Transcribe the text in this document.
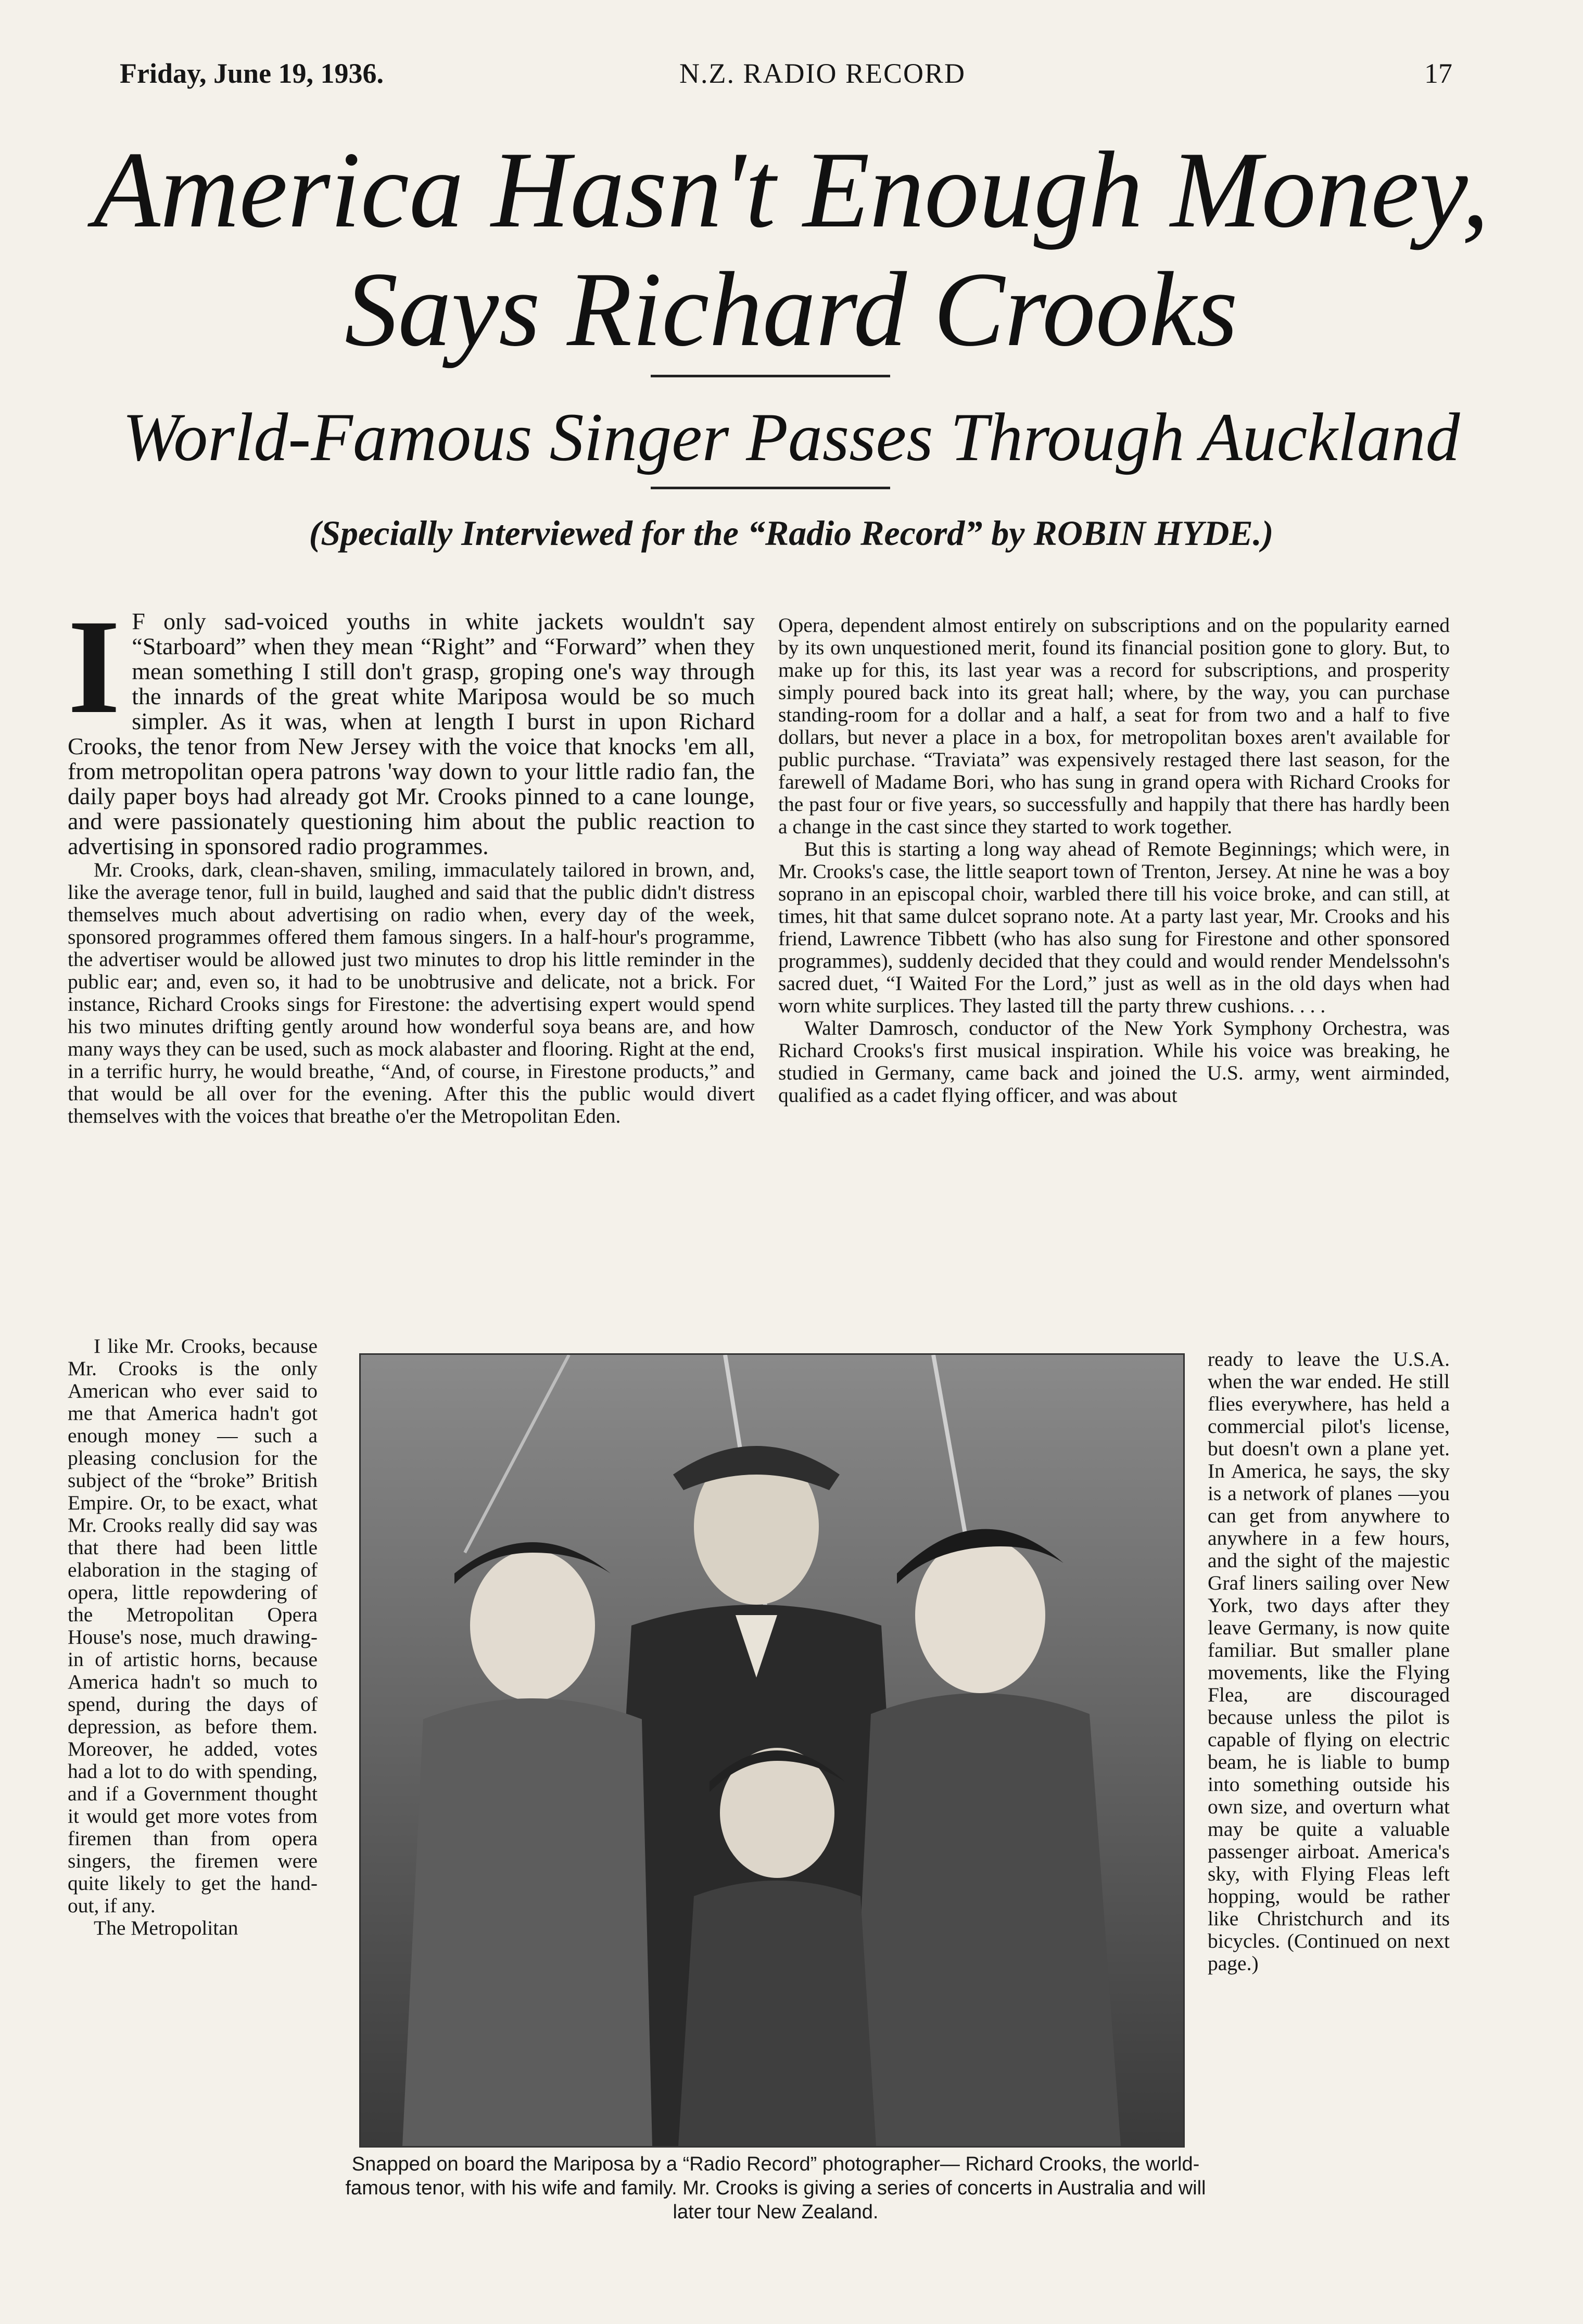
Friday, June 19, 1936.	N.Z. RADIO RECORD	17
America Hasn't Enough Money,
Says Richard Crooks
World-Famous Singer Passes Through Auckland
(Specially Interviewed for the “Radio Record” by ROBIN HYDE.)

I F only sad-voiced youths in white jackets wouldn't say “Starboard” when they mean “Right” and “Forward” when they mean something I still don't grasp, groping one's way through the innards of the great white Mariposa would be so much simpler. As it was, when at length I burst in upon Richard Crooks, the tenor from New Jersey with the voice that knocks 'em all, from metropolitan opera patrons 'way down to your little radio fan, the daily paper boys had already got Mr. Crooks pinned to a cane lounge, and were passionately questioning him about the public reaction to advertising in sponsored radio programmes.

Mr. Crooks, dark, clean-shaven, smiling, immaculately tailored in brown, and, like the average tenor, full in build, laughed and said that the public didn't distress themselves much about advertising on radio when, every day of the week, sponsored programmes offered them famous singers. In a half-hour's programme, the advertiser would be allowed just two minutes to drop his little reminder in the public ear; and, even so, it had to be unobtrusive and delicate, not a brick. For instance, Richard Crooks sings for Firestone: the advertising expert would spend his two minutes drifting gently around how wonderful soya beans are, and how many ways they can be used, such as mock alabaster and flooring. Right at the end, in a terrific hurry, he would breathe, “And, of course, in Firestone products,” and that would be all over for the evening. After this the public would divert themselves with the voices that breathe o'er the Metropolitan Eden.

I like Mr. Crooks, because Mr. Crooks is the only American who ever said to me that America hadn't got enough money — such a pleasing conclusion for the subject of the “broke” British Empire. Or, to be exact, what Mr. Crooks really did say was that there had been little elaboration in the staging of opera, little repowdering of the Metropolitan Opera House's nose, much drawing-in of artistic horns, because America hadn't so much to spend, during the days of depression, as before them. Moreover, he added, votes had a lot to do with spending, and if a Government thought it would get more votes from firemen than from opera singers, the firemen were quite likely to get the hand-out, if any.

The Metropolitan

Opera, dependent almost entirely on subscriptions and on the popularity earned by its own unquestioned merit, found its financial position gone to glory. But, to make up for this, its last year was a record for subscriptions, and prosperity simply poured back into its great hall; where, by the way, you can purchase standing-room for a dollar and a half, a seat for from two and a half to five dollars, but never a place in a box, for metropolitan boxes aren't available for public purchase. “Traviata” was expensively restaged there last season, for the farewell of Madame Bori, who has sung in grand opera with Richard Crooks for the past four or five years, so successfully and happily that there has hardly been a change in the cast since they started to work together.

But this is starting a long way ahead of Remote Beginnings; which were, in Mr. Crooks's case, the little seaport town of Trenton, Jersey. At nine he was a boy soprano in an episcopal choir, warbled there till his voice broke, and can still, at times, hit that same dulcet soprano note. At a party last year, Mr. Crooks and his friend, Lawrence Tibbett (who has also sung for Firestone and other sponsored programmes), suddenly decided that they could and would render Mendelssohn's sacred duet, “I Waited For the Lord,” just as well as in the old days when had worn white surplices. They lasted till the party threw cushions. . . .

Walter Damrosch, conductor of the New York Symphony Orchestra, was Richard Crooks's first musical inspiration. While his voice was breaking, he studied in Germany, came back and joined the U.S. army, went airminded, qualified as a cadet flying officer, and was about

ready to leave the U.S.A. when the war ended. He still flies everywhere, has held a commercial pilot's license, but doesn't own a plane yet. In America, he says, the sky is a network of planes —you can get from anywhere to anywhere in a few hours, and the sight of the majestic Graf liners sailing over New York, two days after they leave Germany, is now quite familiar. But smaller plane movements, like the Flying Flea, are discouraged because unless the pilot is capable of flying on electric beam, he is liable to bump into something outside his own size, and overturn what may be quite a valuable passenger airboat. America's sky, with Flying Fleas left hopping, would be rather like Christchurch and its bicycles. (Continued on next page.)

Snapped on board the Mariposa by a “Radio Record” photographer— Richard Crooks, the world-famous tenor, with his wife and family. Mr. Crooks is giving a series of concerts in Australia and will later tour New Zealand.
